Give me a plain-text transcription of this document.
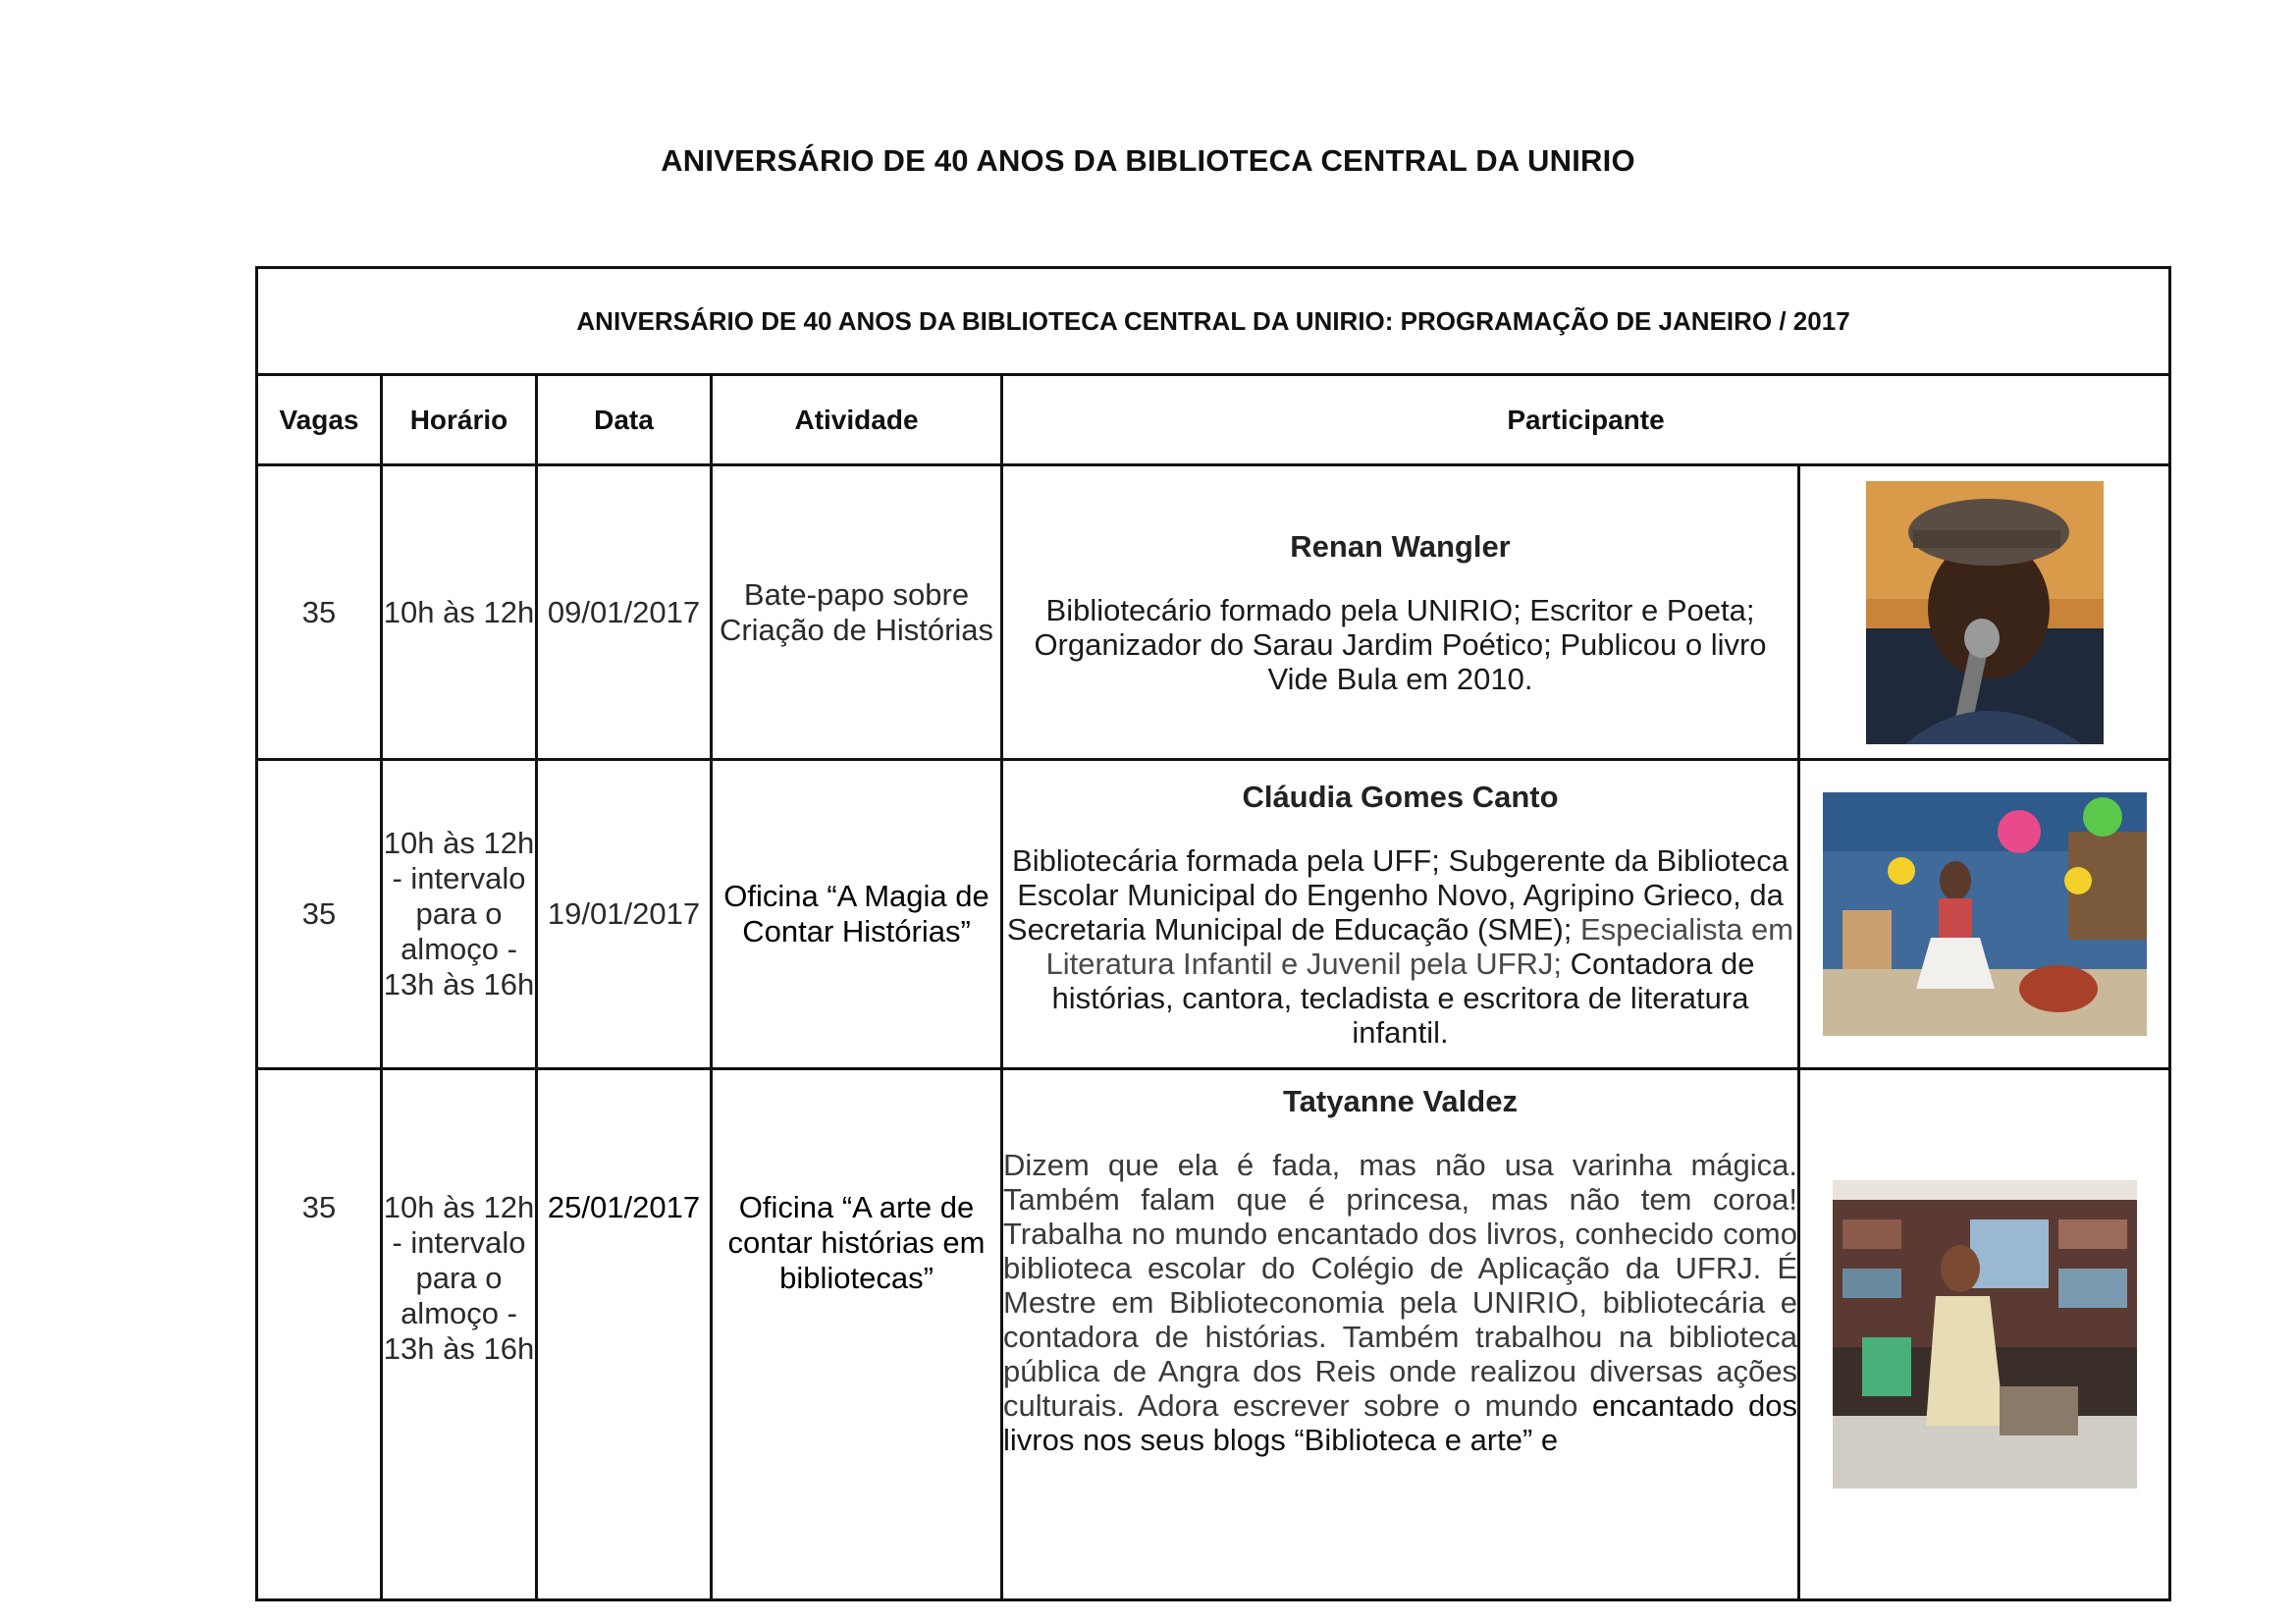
ANIVERSÁRIO DE 40 ANOS DA BIBLIOTECA CENTRAL DA UNIRIO
ANIVERSÁRIO DE 40 ANOS DA BIBLIOTECA CENTRAL DA UNIRIO: PROGRAMAÇÃO DE JANEIRO / 2017					
Vagas	Horário	Data	Atividade	Participante	
35	10h às 12h	09/01/2017	Bate-papo sobre Criação de Histórias	Renan Wangler
Bibliotecário formado pela UNIRIO; Escritor e Poeta; Organizador do Sarau Jardim Poético; Publicou o livro Vide Bula em 2010.

35	10h às 12h - intervalo para o almoço - 13h às 16h	19/01/2017	Oficina “A Magia de Contar Histórias”	Cláudia Gomes Canto
Bibliotecária formada pela UFF; Subgerente da Biblioteca Escolar Municipal do Engenho Novo, Agripino Grieco, da Secretaria Municipal de Educação (SME); Especialista em Literatura Infantil e Juvenil pela UFRJ; Contadora de histórias, cantora, tecladista e escritora de literatura infantil.

35	10h às 12h - intervalo para o almoço - 13h às 16h	25/01/2017	Oficina “A arte de contar histórias em bibliotecas”	Tatyanne Valdez
Dizem que ela é fada, mas não usa varinha mágica. Também falam que é princesa, mas não tem coroa! Trabalha no mundo encantado dos livros, conhecido como biblioteca escolar do Colégio de Aplicação da UFRJ. É Mestre em Biblioteconomia pela UNIRIO, bibliotecária e contadora de histórias. Também trabalhou na biblioteca pública de Angra dos Reis onde realizou diversas ações culturais. Adora escrever sobre o mundo encantado dos livros nos seus blogs “Biblioteca e arte” e
